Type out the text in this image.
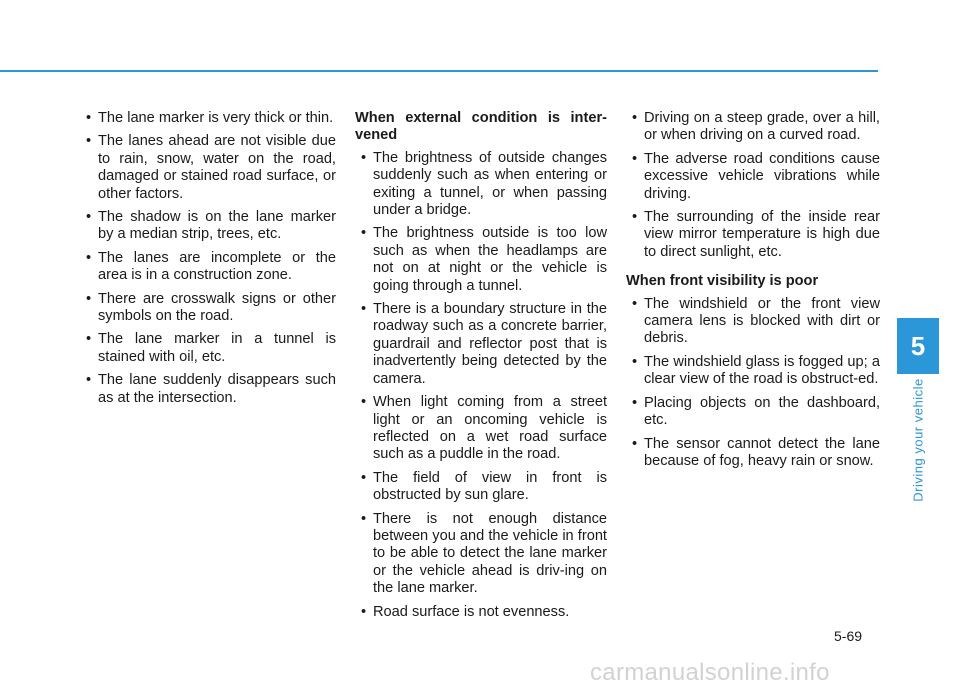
• The lane marker is very thick or thin.
• The lanes ahead are not visible due to rain, snow, water on the road, damaged or stained road surface, or other factors.
• The shadow is on the lane marker by a median strip, trees, etc.
• The lanes are incomplete or the area is in a construction zone.
• There are crosswalk signs or other symbols on the road.
• The lane marker in a tunnel is stained with oil, etc.
• The lane suddenly disappears such as at the intersection.
When external condition is inter-vened
• The brightness of outside changes suddenly such as when entering or exiting a tunnel, or when passing under a bridge.
• The brightness outside is too low such as when the headlamps are not on at night or the vehicle is going through a tunnel.
• There is a boundary structure in the roadway such as a concrete barrier, guardrail and reflector post that is inadvertently being detected by the camera.
• When light coming from a street light or an oncoming vehicle is reflected on a wet road surface such as a puddle in the road.
• The field of view in front is obstructed by sun glare.
• There is not enough distance between you and the vehicle in front to be able to detect the lane marker or the vehicle ahead is driv-ing on the lane marker.
• Road surface is not evenness.
• Driving on a steep grade, over a hill, or when driving on a curved road.
• The adverse road conditions cause excessive vehicle vibrations while driving.
• The surrounding of the inside rear view mirror temperature is high due to direct sunlight, etc.
When front visibility is poor
• The windshield or the front view camera lens is blocked with dirt or debris.
• The windshield glass is fogged up; a clear view of the road is obstruct-ed.
• Placing objects on the dashboard, etc.
• The sensor cannot detect the lane because of fog, heavy rain or snow.
5
Driving your vehicle
5-69
carmanualsonline.info
